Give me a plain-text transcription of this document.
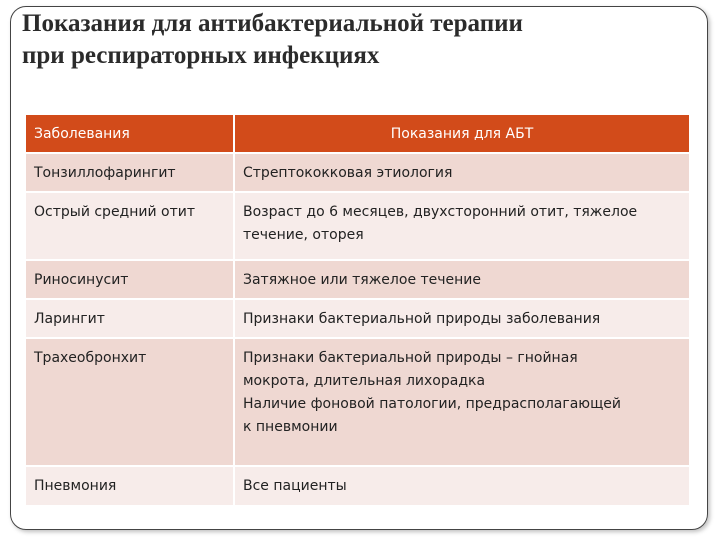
Показания для антибактериальной терапии
при респираторных инфекциях
Заболевания	Показания для АБТ
Тонзиллофарингит	Стрептококковая этиология

Острый средний отит	Возраст до 6 месяцев, двухсторонний отит, тяжелое
течение, оторея

Риносинусит	Затяжное или тяжелое течение

Ларингит	Признаки бактериальной природы заболевания

Трахеобронхит	Признаки бактериальной природы – гнойная
мокрота, длительная лихорадка
Наличие фоновой патологии, предрасполагающей
к пневмонии

Пневмония	Все пациенты
